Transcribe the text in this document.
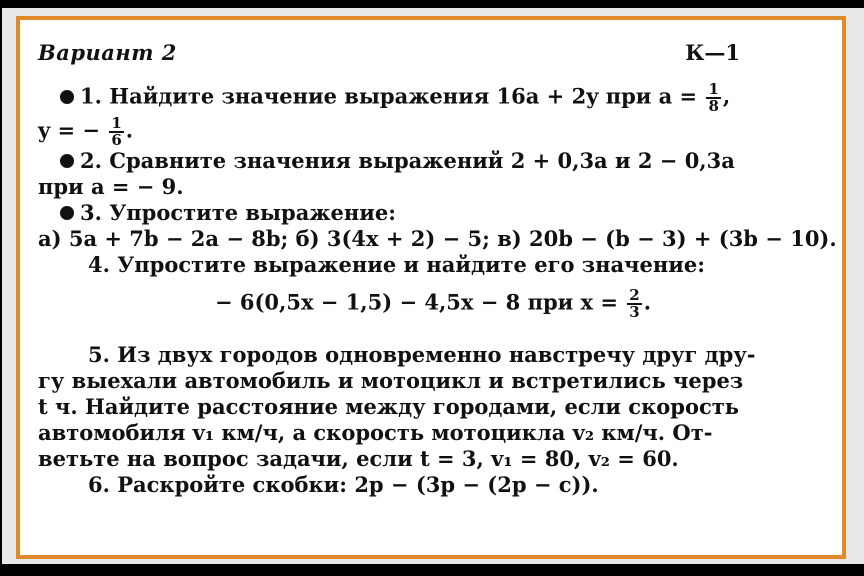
Вариант 2	К—1
1. Найдите значение выражения 16a + 2y при $a = \frac{1}{8}$ ,
y = − $\frac{1}{6}$ .
2. Сравните значения выражений 2 + 0,3a и 2 − 0,3a
при a = − 9.
3. Упростите выражение:
а) 5a + 7b − 2a − 8b; б) 3(4x + 2) − 5; в) 20b − (b − 3) + (3b − 10).
4. Упростите выражение и найдите его значение:
− 6(0,5x − 1,5) − 4,5x − 8 при $x = \frac{2}{3}$ .
5. Из двух городов одновременно навстречу друг дру-
гу выехали автомобиль и мотоцикл и встретились через
t ч. Найдите расстояние между городами, если скорость
автомобиля v₁ км/ч, а скорость мотоцикла v₂ км/ч. От-
ветьте на вопрос задачи, если t = 3, v₁ = 80, v₂ = 60.
6. Раскройте скобки: 2p − (3p − (2p − c)).
